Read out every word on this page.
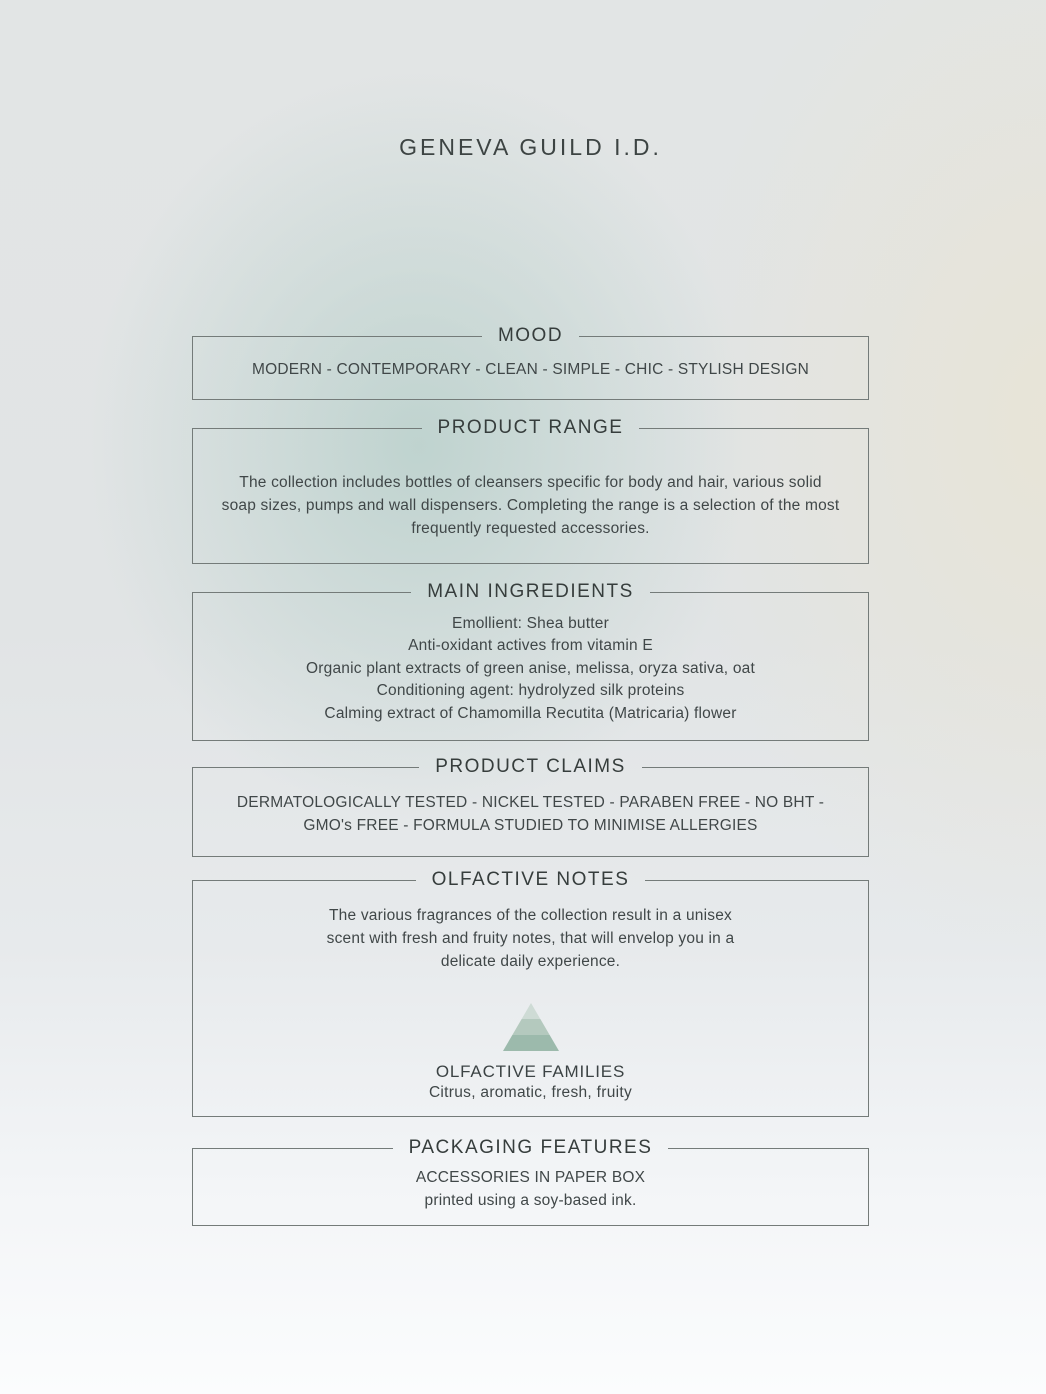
GENEVA GUILD I.D.
MOOD
MODERN - CONTEMPORARY - CLEAN - SIMPLE - CHIC - STYLISH DESIGN
PRODUCT RANGE
The collection includes bottles of cleansers specific for body and hair, various solid
soap sizes, pumps and wall dispensers. Completing the range is a selection of the most
frequently requested accessories.
MAIN INGREDIENTS
Emollient: Shea butter
Anti-oxidant actives from vitamin E
Organic plant extracts of green anise, melissa, oryza sativa, oat
Conditioning agent: hydrolyzed silk proteins
Calming extract of Chamomilla Recutita (Matricaria) flower
PRODUCT CLAIMS
DERMATOLOGICALLY TESTED - NICKEL TESTED - PARABEN FREE - NO BHT -
GMO's FREE - FORMULA STUDIED TO MINIMISE ALLERGIES
OLFACTIVE NOTES
The various fragrances of the collection result in a unisex
scent with fresh and fruity notes, that will envelop you in a
delicate daily experience.
OLFACTIVE FAMILIES
Citrus, aromatic, fresh, fruity
PACKAGING FEATURES
ACCESSORIES IN PAPER BOX
printed using a soy-based ink.
